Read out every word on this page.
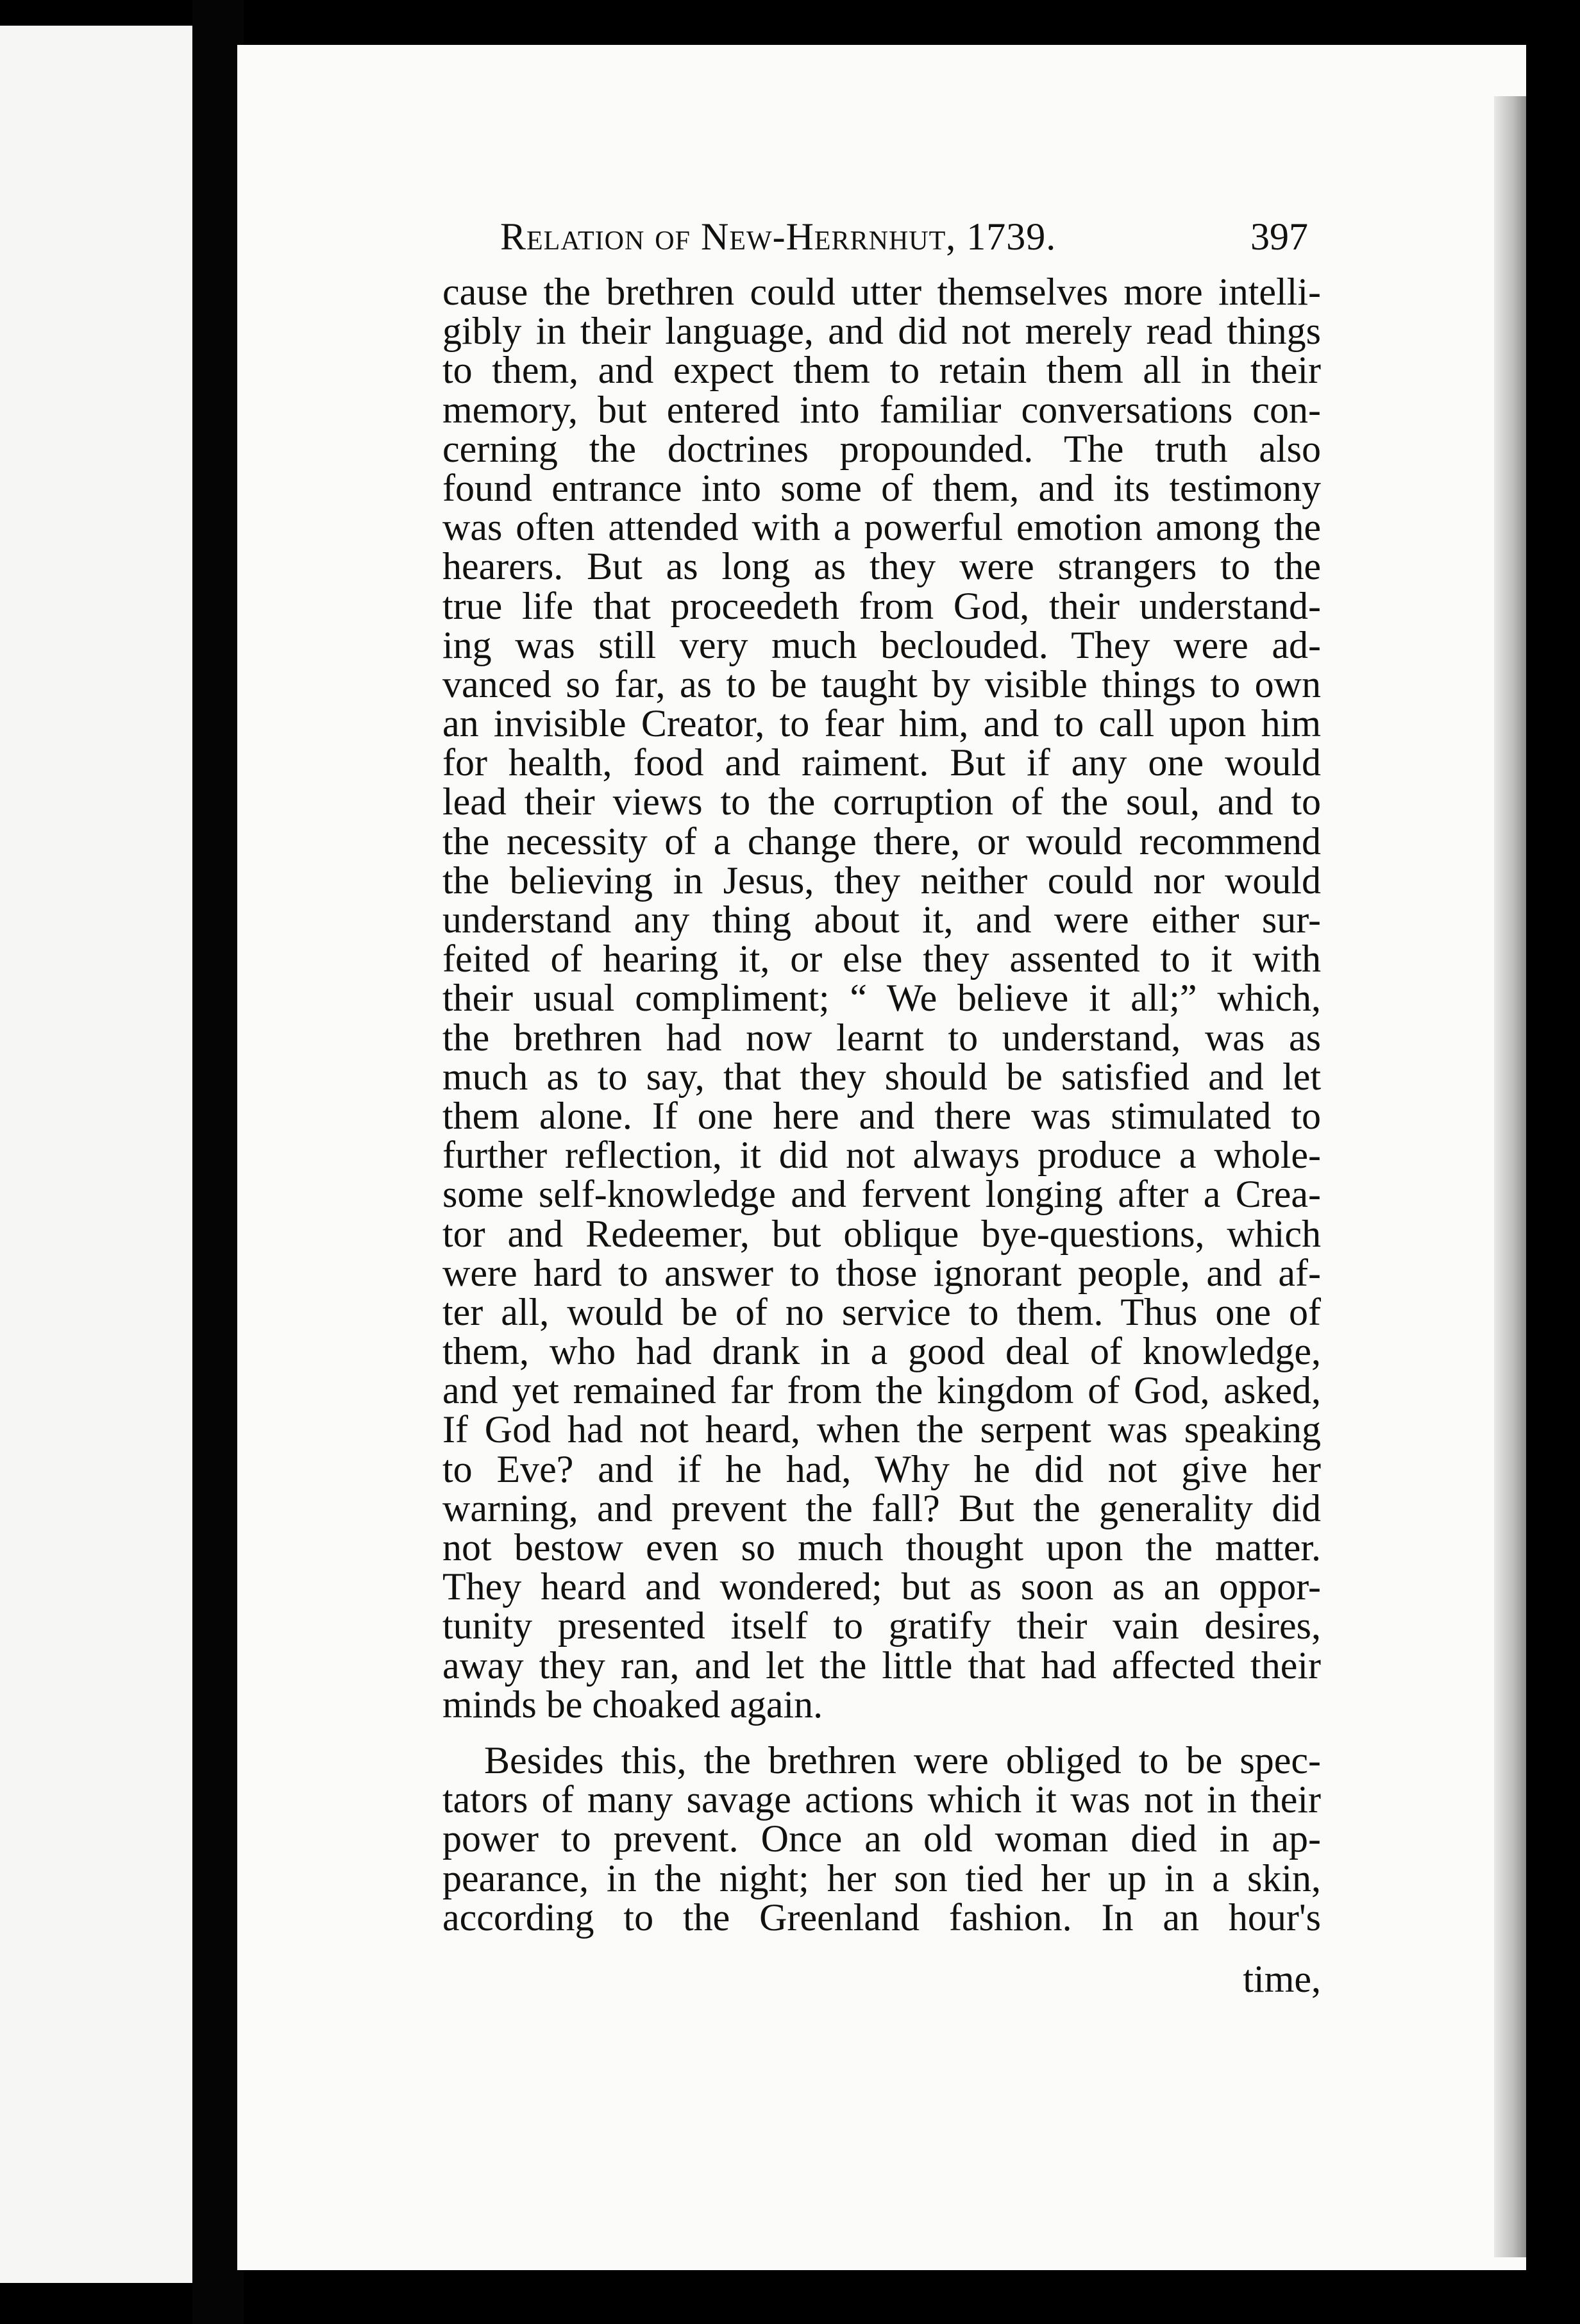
Relation of New-Herrnhut, 1739.	397
cause the brethren could utter themselves more intelli-
gibly in their language, and did not merely read things
to them, and expect them to retain them all in their
memory, but entered into familiar conversations con-
cerning the doctrines propounded. The truth also
found entrance into some of them, and its testimony
was often attended with a powerful emotion among the
hearers. But as long as they were strangers to the
true life that proceedeth from God, their understand-
ing was still very much beclouded. They were ad-
vanced so far, as to be taught by visible things to own
an invisible Creator, to fear him, and to call upon him
for health, food and raiment. But if any one would
lead their views to the corruption of the soul, and to
the necessity of a change there, or would recommend
the believing in Jesus, they neither could nor would
understand any thing about it, and were either sur-
feited of hearing it, or else they assented to it with
their usual compliment; “ We believe it all;” which,
the brethren had now learnt to understand, was as
much as to say, that they should be satisfied and let
them alone. If one here and there was stimulated to
further reflection, it did not always produce a whole-
some self-knowledge and fervent longing after a Crea-
tor and Redeemer, but oblique bye-questions, which
were hard to answer to those ignorant people, and af-
ter all, would be of no service to them. Thus one of
them, who had drank in a good deal of knowledge,
and yet remained far from the kingdom of God, asked,
If God had not heard, when the serpent was speaking
to Eve? and if he had, Why he did not give her
warning, and prevent the fall? But the generality did
not bestow even so much thought upon the matter.
They heard and wondered; but as soon as an oppor-
tunity presented itself to gratify their vain desires,
away they ran, and let the little that had affected their
minds be choaked again.
Besides this, the brethren were obliged to be spec-
tators of many savage actions which it was not in their
power to prevent. Once an old woman died in ap-
pearance, in the night; her son tied her up in a skin,
according to the Greenland fashion. In an hour's
time,
